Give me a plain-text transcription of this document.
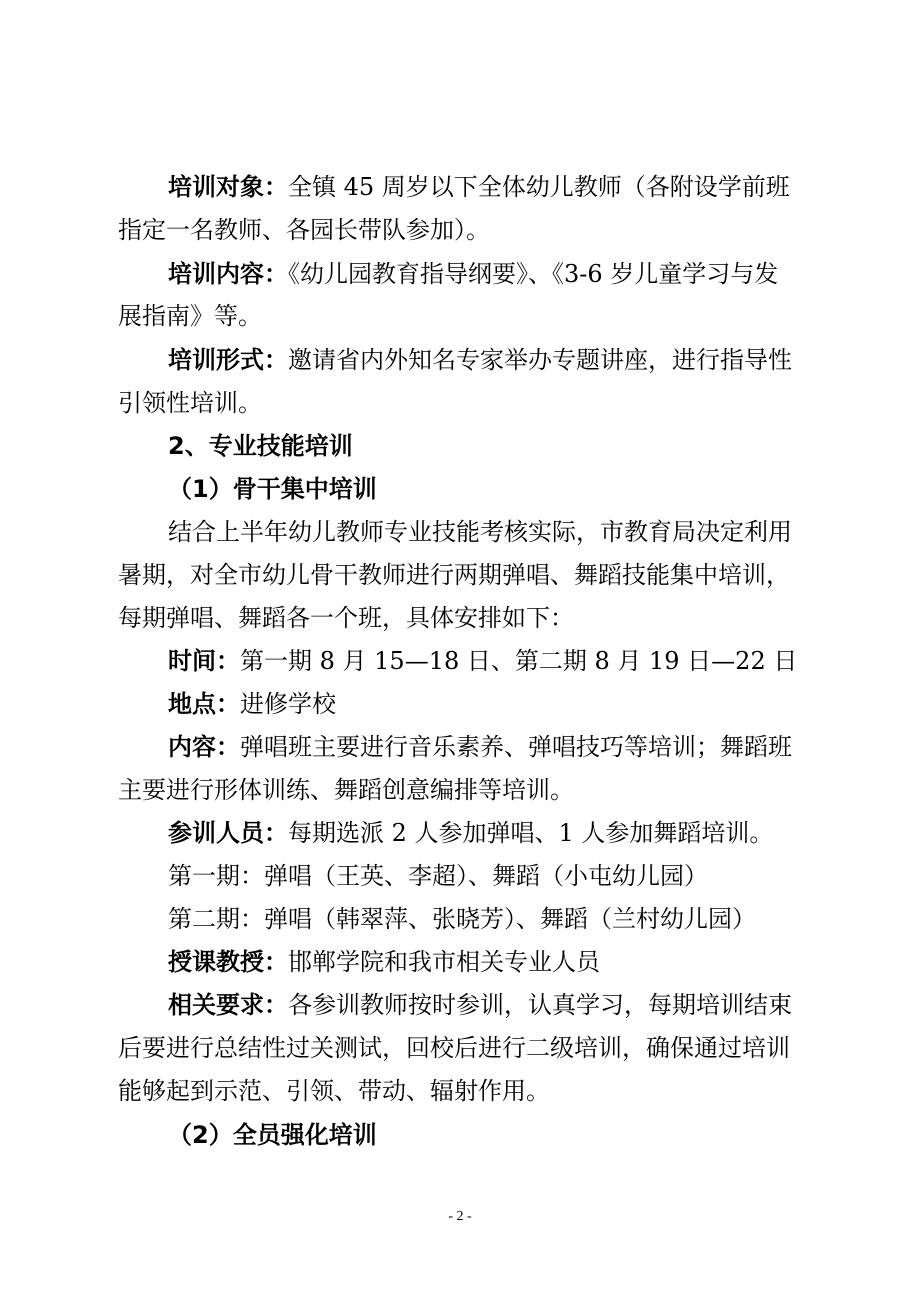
培训对象：全镇 45 周岁以下全体幼儿教师（各附设学前班
指定一名教师、各园长带队参加）。
培训内容：《幼儿园教育指导纲要》、《3-6 岁儿童学习与发
展指南》等。
培训形式：邀请省内外知名专家举办专题讲座，进行指导性
引领性培训。
2、专业技能培训
（1）骨干集中培训
结合上半年幼儿教师专业技能考核实际，市教育局决定利用
暑期，对全市幼儿骨干教师进行两期弹唱、舞蹈技能集中培训，
每期弹唱、舞蹈各一个班，具体安排如下：
时间：第一期 8 月 15—18 日、第二期 8 月 19 日—22 日
地点：进修学校
内容：弹唱班主要进行音乐素养、弹唱技巧等培训；舞蹈班
主要进行形体训练、舞蹈创意编排等培训。
参训人员：每期选派 2 人参加弹唱、1 人参加舞蹈培训。
第一期：弹唱（王英、李超）、舞蹈（小屯幼儿园）
第二期：弹唱（韩翠萍、张晓芳）、舞蹈（兰村幼儿园）
授课教授：邯郸学院和我市相关专业人员
相关要求：各参训教师按时参训，认真学习，每期培训结束
后要进行总结性过关测试，回校后进行二级培训，确保通过培训
能够起到示范、引领、带动、辐射作用。
（2）全员强化培训
- 2 -
